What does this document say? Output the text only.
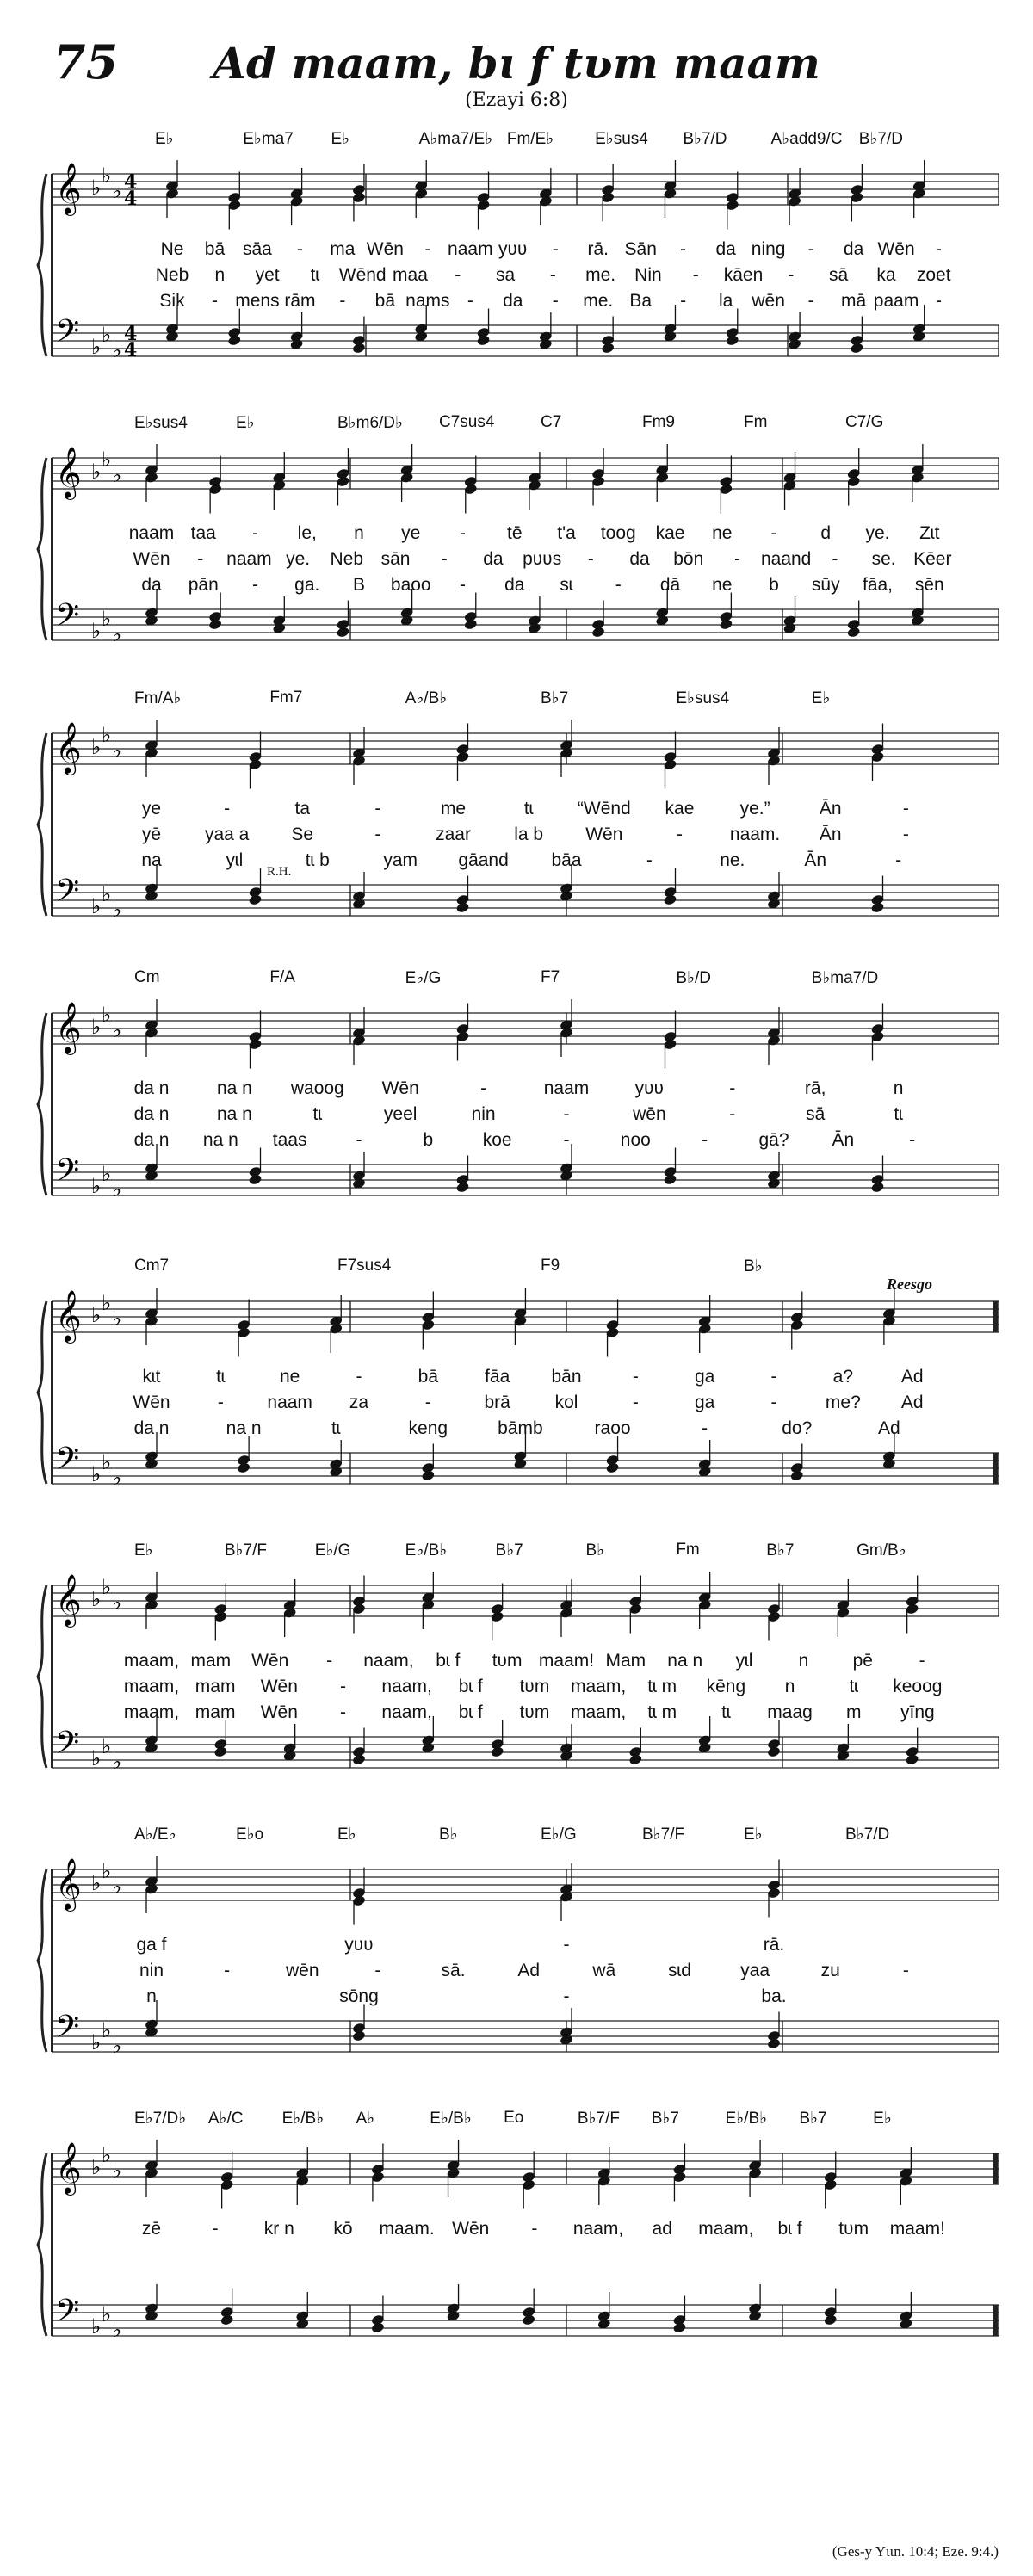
75	Ad maam, bɩ f tʋm maam
(Ezayi 6:8)
𝄞
𝄢
♭ ♭
♭
♭ ♭
♭
4
4
4
4
E♭	E♭ma7 E♭	A♭ma7/E♭ Fm/E♭	E♭sus4 B♭7/D	A♭add9/C B♭7/D
Ne bā sāa - ma Wēn - naam yʋʋ - rā. Sān - da ning - da Wēn -
Neb n yet tɩ Wēnd maa - sa - me. Nin - kāen - sā ka zoet
Sik - mens rām - bā nams - da - me. Ba - la wēn - mā paam -
𝄞
𝄢
♭ ♭
♭
♭ ♭
♭
E♭sus4	E♭	B♭m6/D♭ C7sus4	C7	Fm9	Fm	C7/G
naam taa - le, n ye - tē t'a toog kae ne - d ye. Zɩt
Wēn - naam ye. Neb sān - da pʋʋs - da bōn - naand - se. Kēer
da pān - ga. B baoo - da sɩ - dā ne b sūy fāa, sēn
𝄞
𝄢
♭ ♭
♭
♭ ♭
♭
Fm/A♭	Fm7	A♭/B♭	B♭7	E♭sus4	E♭
R.H.
ye	-	ta	-	me	tɩ “Wēnd kae	ye.”	Ān	-
yē yaa a Se	-	zaar la b Wēn	-	naam. Ān	-
na	yɩl	tɩ b	yam gāand bāa	-	ne.	Ān	-
𝄞
𝄢
♭ ♭
♭
♭ ♭
♭
Cm	F/A	E♭/G	F7	B♭/D	B♭ma7/D
da n	na n waoog Wēn	-	naam	yʋʋ	-	rā,	n
da n	na n	tɩ	yeel	nin	-	wēn	-	sā	tɩ
da n na n taas	-	b	koe	-	noo	-	gā? Ān	-
𝄞
𝄢
♭ ♭
♭
♭ ♭
♭
Cm7	F7sus4	F9	B♭
Reesgo
kɩt	tɩ	ne	-	bā	fāa bān	-	ga	-	a?	Ad
Wēn	- naam za	-	brā kol	-	ga	-	me? Ad
da n	na n	tɩ	keng	bāmb	raoo	-	do?	Ad
𝄞
𝄢
♭ ♭
♭
♭ ♭
♭
E♭	B♭7/F	E♭/G	E♭/B♭	B♭7	B♭	Fm	B♭7	Gm/B♭
maam, mam Wēn - naam, bɩ f tʋm maam! Mam na n yɩl	n pē	-
maam, mam Wēn - naam, bɩ f tʋm maam, tɩ m kēng n	tɩ keoog
maam, mam Wēn - naam, bɩ f tʋm maam, tɩ m tɩ maag m yīng
𝄞
𝄢
♭ ♭
♭
♭ ♭
♭
A♭/E♭	E♭o	E♭	B♭	E♭/G	B♭7/F	E♭	B♭7/D
ga f	yʋʋ	-	rā.
nin	-	wēn	-	sā.	Ad	wā	sɩd	yaa	zu	-
n	sōng	-	ba.
𝄞
𝄢
♭ ♭
♭
♭ ♭
♭
E♭7/D♭ A♭/C E♭/B♭ A♭	E♭/B♭ Eo	B♭7/F B♭7	E♭/B♭ B♭7	E♭
zē	-	kr n kō maam. Wēn - naam, ad maam, bɩ f tʋm maam!
(Ges-y Yɩɩn. 10:4; Eze. 9:4.)
